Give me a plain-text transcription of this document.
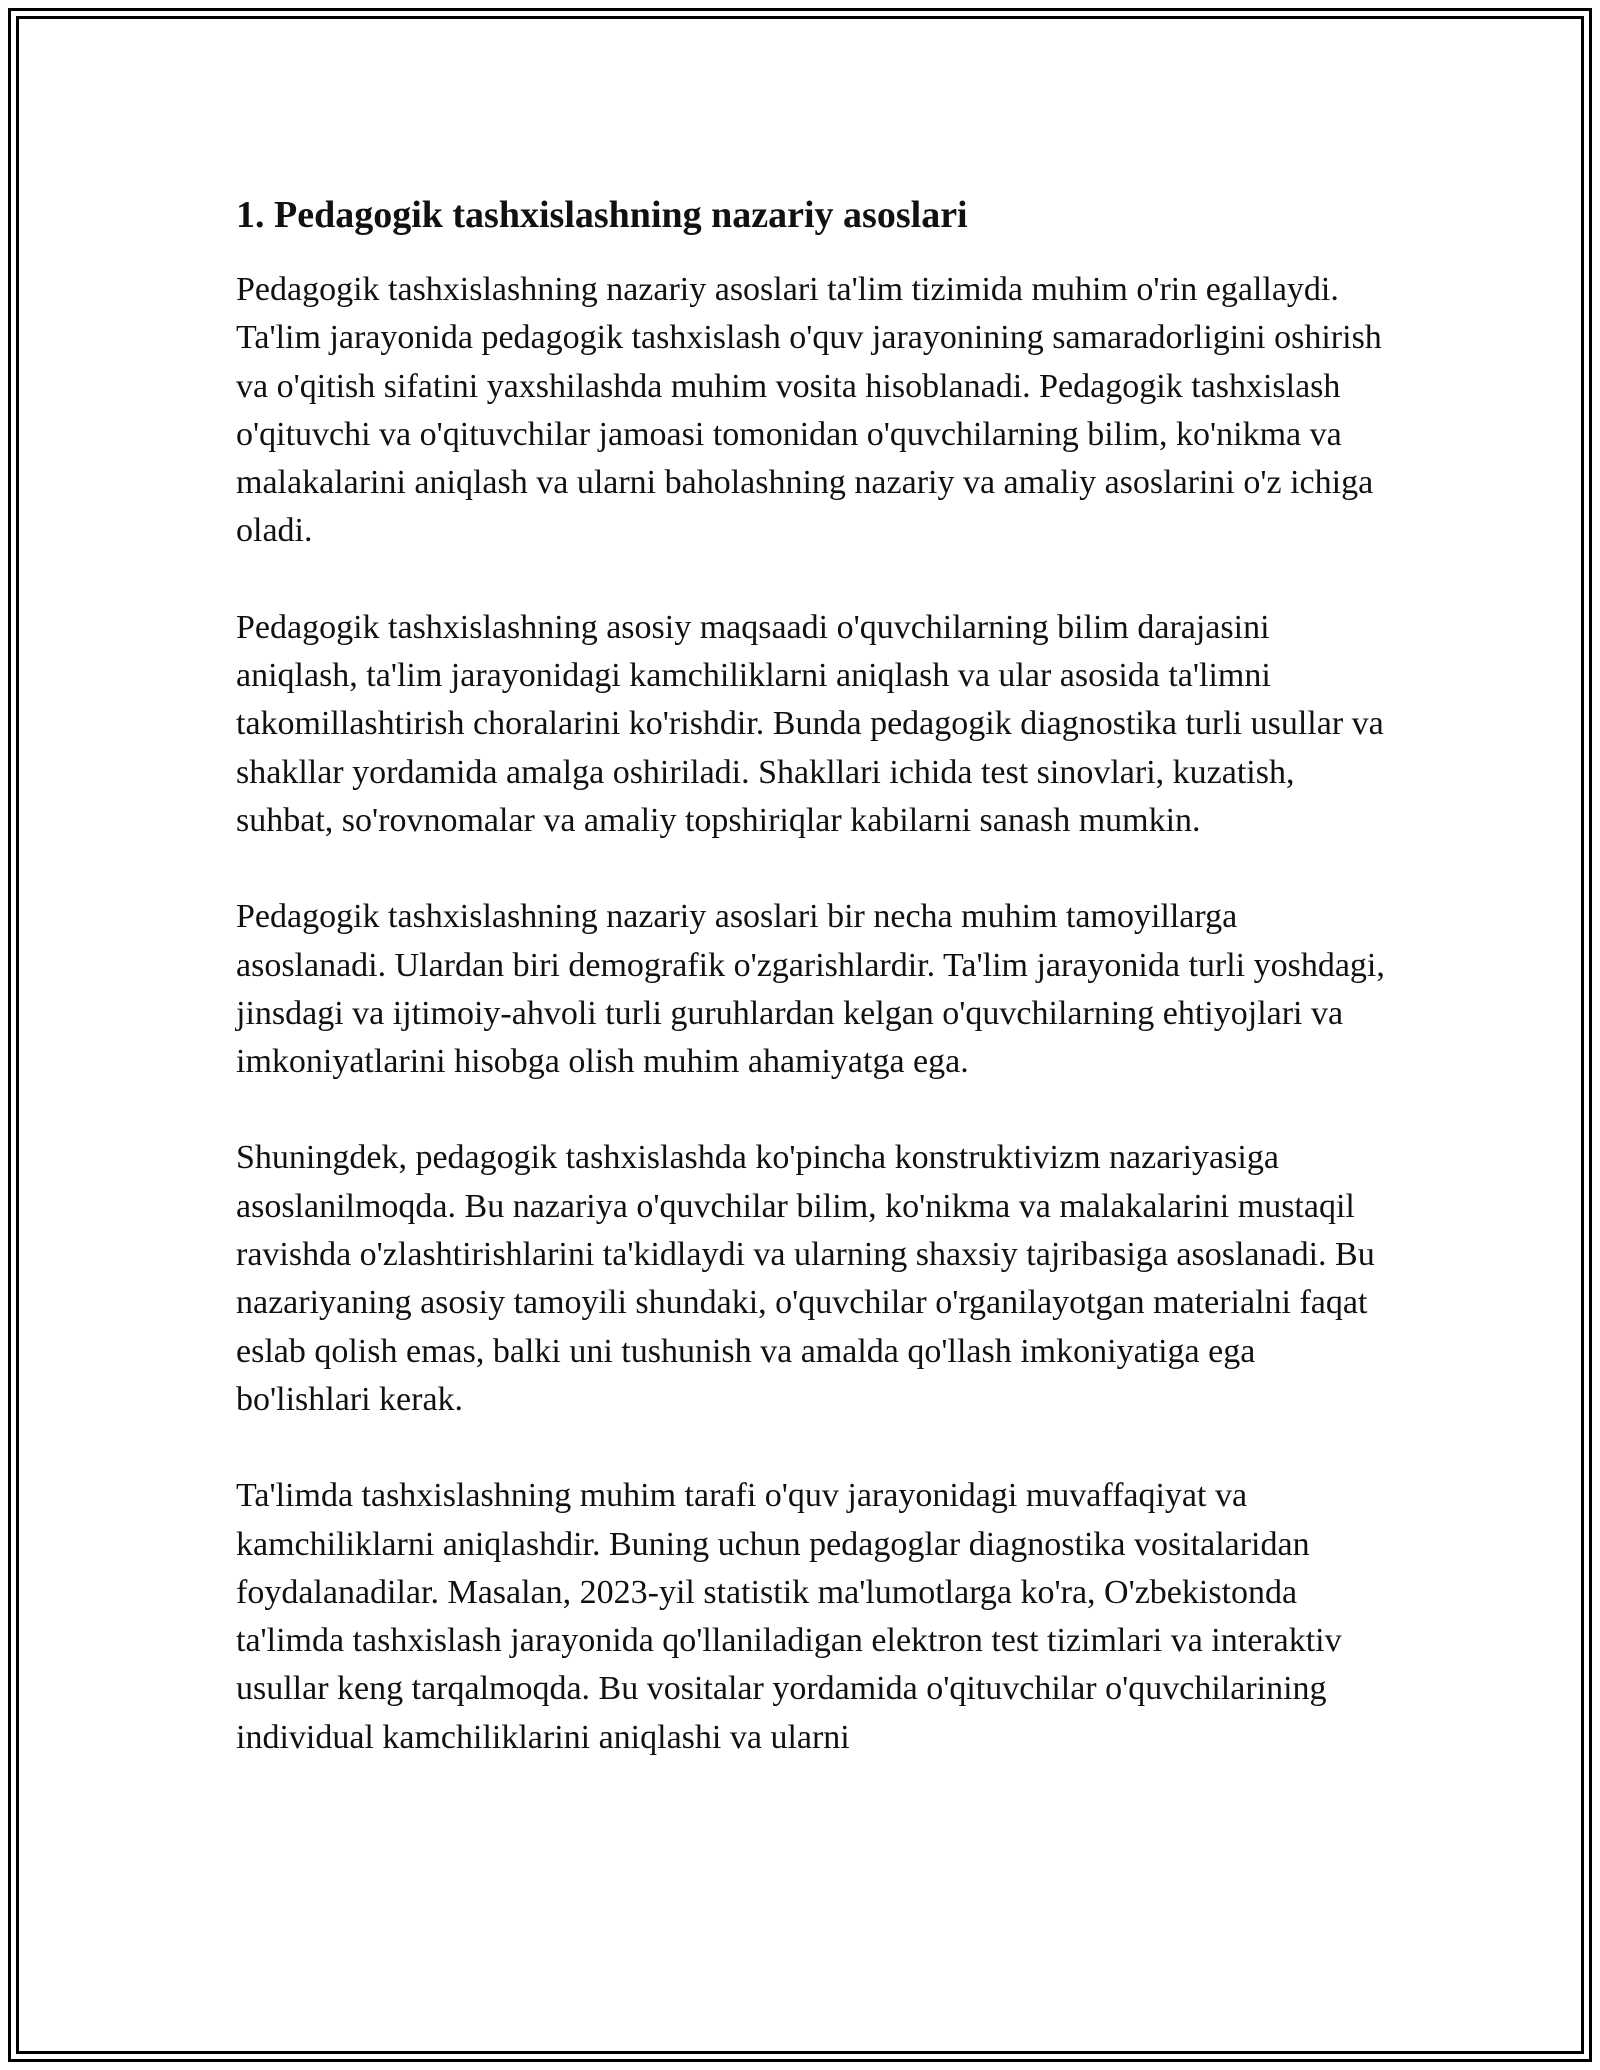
1. Pedagogik tashxislashning nazariy asoslari

Pedagogik tashxislashning nazariy asoslari ta'lim tizimida muhim o'rin egallaydi. Ta'lim jarayonida pedagogik tashxislash o'quv jarayonining samaradorligini oshirish va o'qitish sifatini yaxshilashda muhim vosita hisoblanadi. Pedagogik tashxislash o'qituvchi va o'qituvchilar jamoasi tomonidan o'quvchilarning bilim, ko'nikma va malakalarini aniqlash va ularni baholashning nazariy va amaliy asoslarini o'z ichiga oladi.

Pedagogik tashxislashning asosiy maqsaadi o'quvchilarning bilim darajasini aniqlash, ta'lim jarayonidagi kamchiliklarni aniqlash va ular asosida ta'limni takomillashtirish choralarini ko'rishdir. Bunda pedagogik diagnostika turli usullar va shakllar yordamida amalga oshiriladi. Shakllari ichida test sinovlari, kuzatish, suhbat, so'rovnomalar va amaliy topshiriqlar kabilarni sanash mumkin.

Pedagogik tashxislashning nazariy asoslari bir necha muhim tamoyillarga asoslanadi. Ulardan biri demografik o'zgarishlardir. Ta'lim jarayonida turli yoshdagi, jinsdagi va ijtimoiy-ahvoli turli guruhlardan kelgan o'quvchilarning ehtiyojlari va imkoniyatlarini hisobga olish muhim ahamiyatga ega.

Shuningdek, pedagogik tashxislashda ko'pincha konstruktivizm nazariyasiga asoslanilmoqda. Bu nazariya o'quvchilar bilim, ko'nikma va malakalarini mustaqil ravishda o'zlashtirishlarini ta'kidlaydi va ularning shaxsiy tajribasiga asoslanadi. Bu nazariyaning asosiy tamoyili shundaki, o'quvchilar o'rganilayotgan materialni faqat eslab qolish emas, balki uni tushunish va amalda qo'llash imkoniyatiga ega bo'lishlari kerak.

Ta'limda tashxislashning muhim tarafi o'quv jarayonidagi muvaffaqiyat va kamchiliklarni aniqlashdir. Buning uchun pedagoglar diagnostika vositalaridan foydalanadilar. Masalan, 2023-yil statistik ma'lumotlarga ko'ra, O'zbekistonda ta'limda tashxislash jarayonida qo'llaniladigan elektron test tizimlari va interaktiv usullar keng tarqalmoqda. Bu vositalar yordamida o'qituvchilar o'quvchilarining individual kamchiliklarini aniqlashi va ularni
